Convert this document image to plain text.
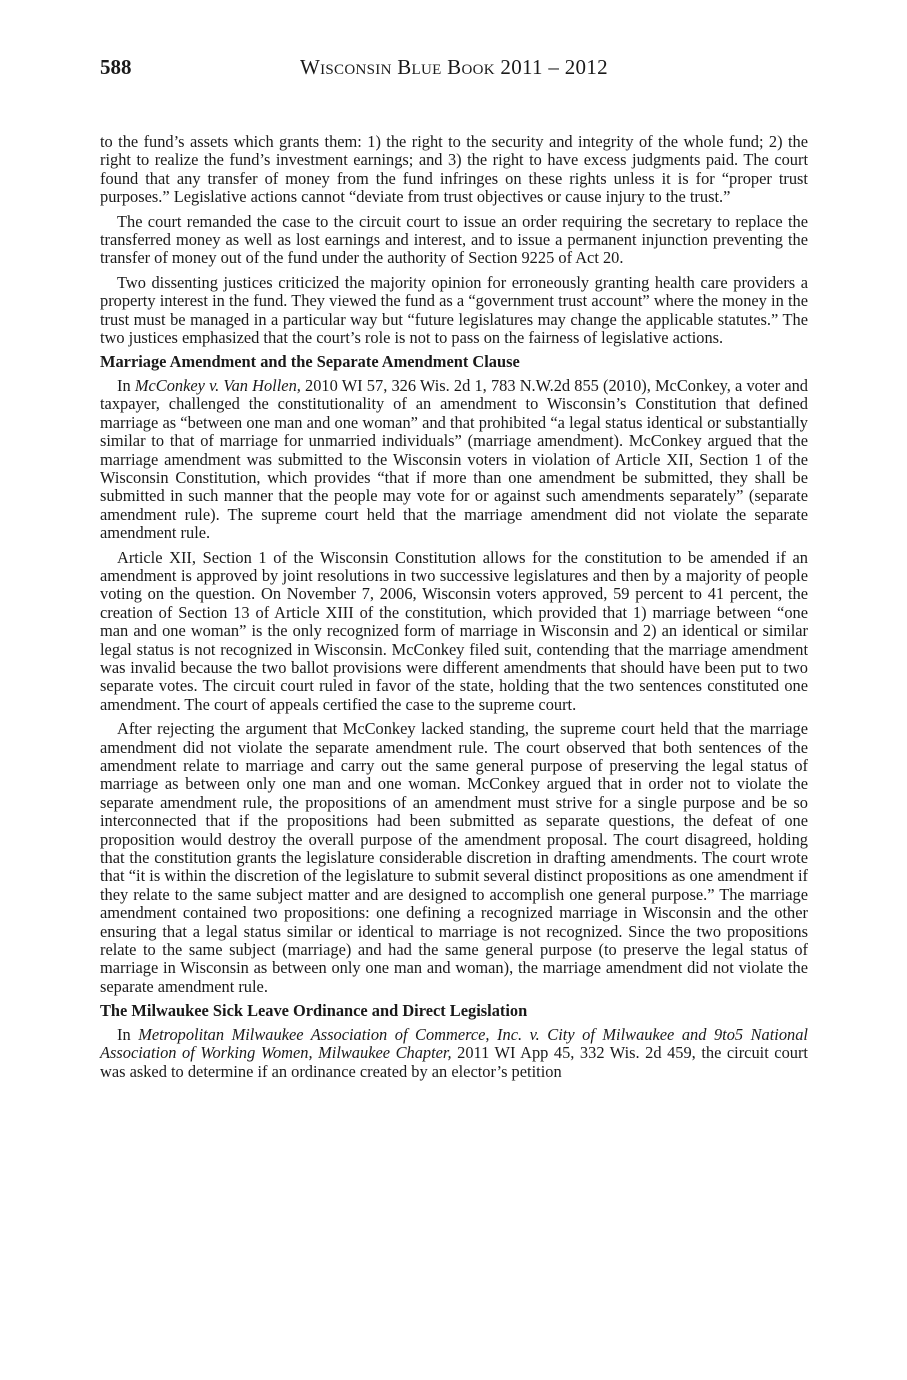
588	Wisconsin Blue Book 2011 – 2012

to the fund’s assets which grants them: 1) the right to the security and integrity of the whole fund; 2) the right to realize the fund’s investment earnings; and 3) the right to have excess judgments paid. The court found that any transfer of money from the fund infringes on these rights unless it is for “proper trust purposes.” Legislative actions cannot “deviate from trust objectives or cause injury to the trust.”

The court remanded the case to the circuit court to issue an order requiring the secretary to replace the transferred money as well as lost earnings and interest, and to issue a permanent injunction preventing the transfer of money out of the fund under the authority of Section 9225 of Act 20.

Two dissenting justices criticized the majority opinion for erroneously granting health care providers a property interest in the fund. They viewed the fund as a “government trust account” where the money in the trust must be managed in a particular way but “future legislatures may change the applicable statutes.” The two justices emphasized that the court’s role is not to pass on the fairness of legislative actions.

Marriage Amendment and the Separate Amendment Clause

In McConkey v. Van Hollen, 2010 WI 57, 326 Wis. 2d 1, 783 N.W.2d 855 (2010), McConkey, a voter and taxpayer, challenged the constitutionality of an amendment to Wisconsin’s Constitution that defined marriage as “between one man and one woman” and that prohibited “a legal status identical or substantially similar to that of marriage for unmarried individuals” (marriage amendment). McConkey argued that the marriage amendment was submitted to the Wisconsin voters in violation of Article XII, Section 1 of the Wisconsin Constitution, which provides “that if more than one amendment be submitted, they shall be submitted in such manner that the people may vote for or against such amendments separately” (separate amendment rule). The supreme court held that the marriage amendment did not violate the separate amendment rule.

Article XII, Section 1 of the Wisconsin Constitution allows for the constitution to be amended if an amendment is approved by joint resolutions in two successive legislatures and then by a majority of people voting on the question. On November 7, 2006, Wisconsin voters approved, 59 percent to 41 percent, the creation of Section 13 of Article XIII of the constitution, which provided that 1) marriage between “one man and one woman” is the only recognized form of marriage in Wisconsin and 2) an identical or similar legal status is not recognized in Wisconsin. McConkey filed suit, contending that the marriage amendment was invalid because the two ballot provisions were different amendments that should have been put to two separate votes. The circuit court ruled in favor of the state, holding that the two sentences constituted one amendment. The court of appeals certified the case to the supreme court.

After rejecting the argument that McConkey lacked standing, the supreme court held that the marriage amendment did not violate the separate amendment rule. The court observed that both sentences of the amendment relate to marriage and carry out the same general purpose of preserving the legal status of marriage as between only one man and one woman. McConkey argued that in order not to violate the separate amendment rule, the propositions of an amendment must strive for a single purpose and be so interconnected that if the propositions had been submitted as separate questions, the defeat of one proposition would destroy the overall purpose of the amendment proposal. The court disagreed, holding that the constitution grants the legislature considerable discretion in drafting amendments. The court wrote that “it is within the discretion of the legislature to submit several distinct propositions as one amendment if they relate to the same subject matter and are designed to accomplish one general purpose.” The marriage amendment contained two propositions: one defining a recognized marriage in Wisconsin and the other ensuring that a legal status similar or identical to marriage is not recognized. Since the two propositions relate to the same subject (marriage) and had the same general purpose (to preserve the legal status of marriage in Wisconsin as between only one man and woman), the marriage amendment did not violate the separate amendment rule.

The Milwaukee Sick Leave Ordinance and Direct Legislation

In Metropolitan Milwaukee Association of Commerce, Inc. v. City of Milwaukee and 9to5 National Association of Working Women, Milwaukee Chapter, 2011 WI App 45, 332 Wis. 2d 459, the circuit court was asked to determine if an ordinance created by an elector’s petition
